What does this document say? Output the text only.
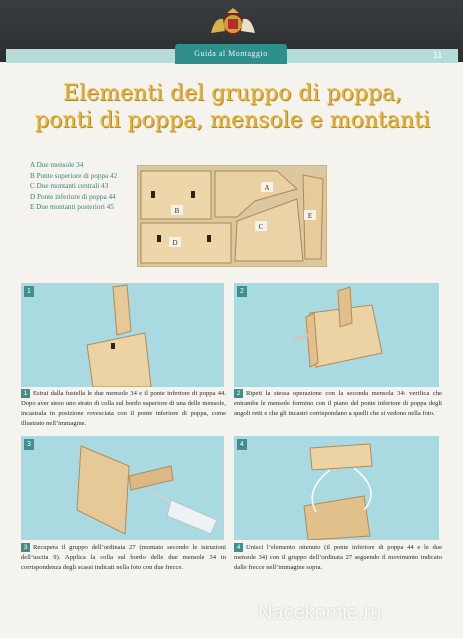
Guida al Montaggio	11
Elementi del gruppo di poppa,
ponti di poppa, mensole e montanti
A Due mensole 34
B Ponte superiore di poppa 42
C Due montanti centrali 43
D Ponte inferiore di poppa 44
E Due montanti posteriori 45	B
D
A
C
E
1
1 Estrai dalla fustella le due mensole 34 e il ponte inferiore di poppa 44. Dopo aver steso uno strato di colla sul bordo superiore di una delle mensole, incastrala in posizione rovesciata con il ponte inferiore di poppa, come illustrato nell’immagine.
2
2 Ripeti la stessa operazione con la seconda mensola 34: verifica che entrambe le mensole formino con il piano del ponte inferiore di poppa degli angoli retti e che gli incastri corrispondano a quelli che si vedono nella foto.
3
3 Recupera il gruppo dell’ordinata 27 (montato secondo le istruzioni dell’uscita 9). Applica la colla sul bordo delle due mensole 34 in corrispondenza degli scassi indicati nella foto con due frecce.
4
4 Unisci l’elemento ottenuto (il ponte inferiore di poppa 44 e le due mensole 34) con il gruppo dell’ordinata 27 seguendo il movimento indicato dalle frecce nell’immagine sopra.
Nacekomie.ru
